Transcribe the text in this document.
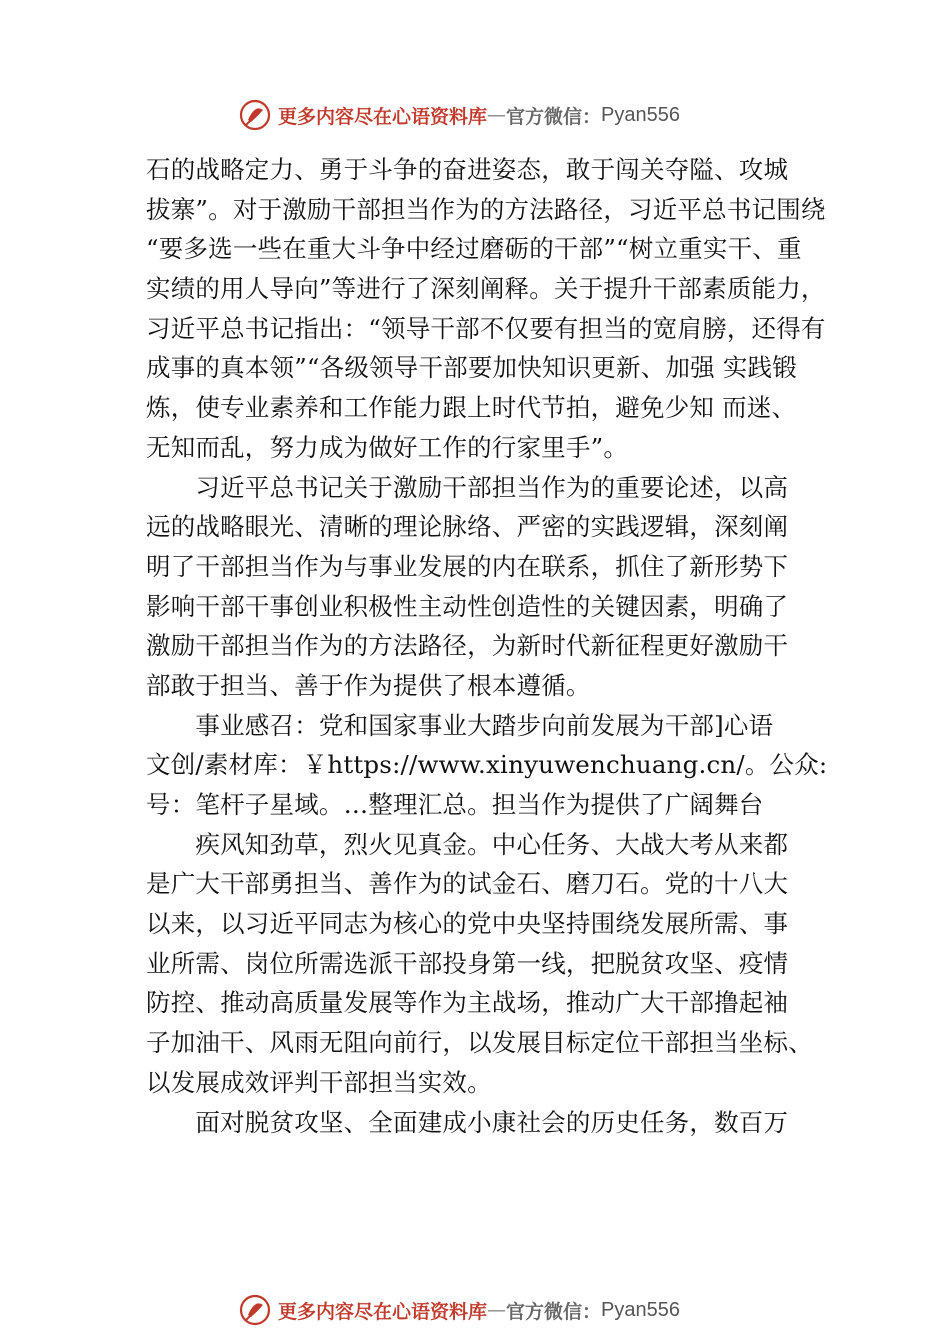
更多内容尽在心语资料库 — 官方微信： Pyan556
石的战略定力、勇于斗争的奋进姿态，敢于闯关夺隘、攻城
拔寨”。对于激励干部担当作为的方法路径，习近平总书记围绕
“要多选一些在重大斗争中经过磨砺的干部”“树立重实干、重
实绩的用人导向”等进行了深刻阐释。关于提升干部素质能力，
习近平总书记指出：“领导干部不仅要有担当的宽肩膀，还得有
成事的真本领”“各级领导干部要加快知识更新、加强 实践锻
炼，使专业素养和工作能力跟上时代节拍，避免少知 而迷、
无知而乱，努力成为做好工作的行家里手”。
　　习近平总书记关于激励干部担当作为的重要论述，以高
远的战略眼光、清晰的理论脉络、严密的实践逻辑，深刻阐
明了干部担当作为与事业发展的内在联系，抓住了新形势下
影响干部干事创业积极性主动性创造性的关键因素，明确了
激励干部担当作为的方法路径，为新时代新征程更好激励干
部敢于担当、善于作为提供了根本遵循。
　　事业感召：党和国家事业大踏步向前发展为干部]心语
文创/素材库：￥https://www.xinyuwenchuang.cn/。公众:
号：笔杆子星域。…整理汇总。担当作为提供了广阔舞台
　　疾风知劲草，烈火见真金。中心任务、大战大考从来都
是广大干部勇担当、善作为的试金石、磨刀石。党的十八大
以来，以习近平同志为核心的党中央坚持围绕发展所需、事
业所需、岗位所需选派干部投身第一线，把脱贫攻坚、疫情
防控、推动高质量发展等作为主战场，推动广大干部撸起袖
子加油干、风雨无阻向前行，以发展目标定位干部担当坐标、
以发展成效评判干部担当实效。
　　面对脱贫攻坚、全面建成小康社会的历史任务，数百万
更多内容尽在心语资料库 — 官方微信： Pyan556
